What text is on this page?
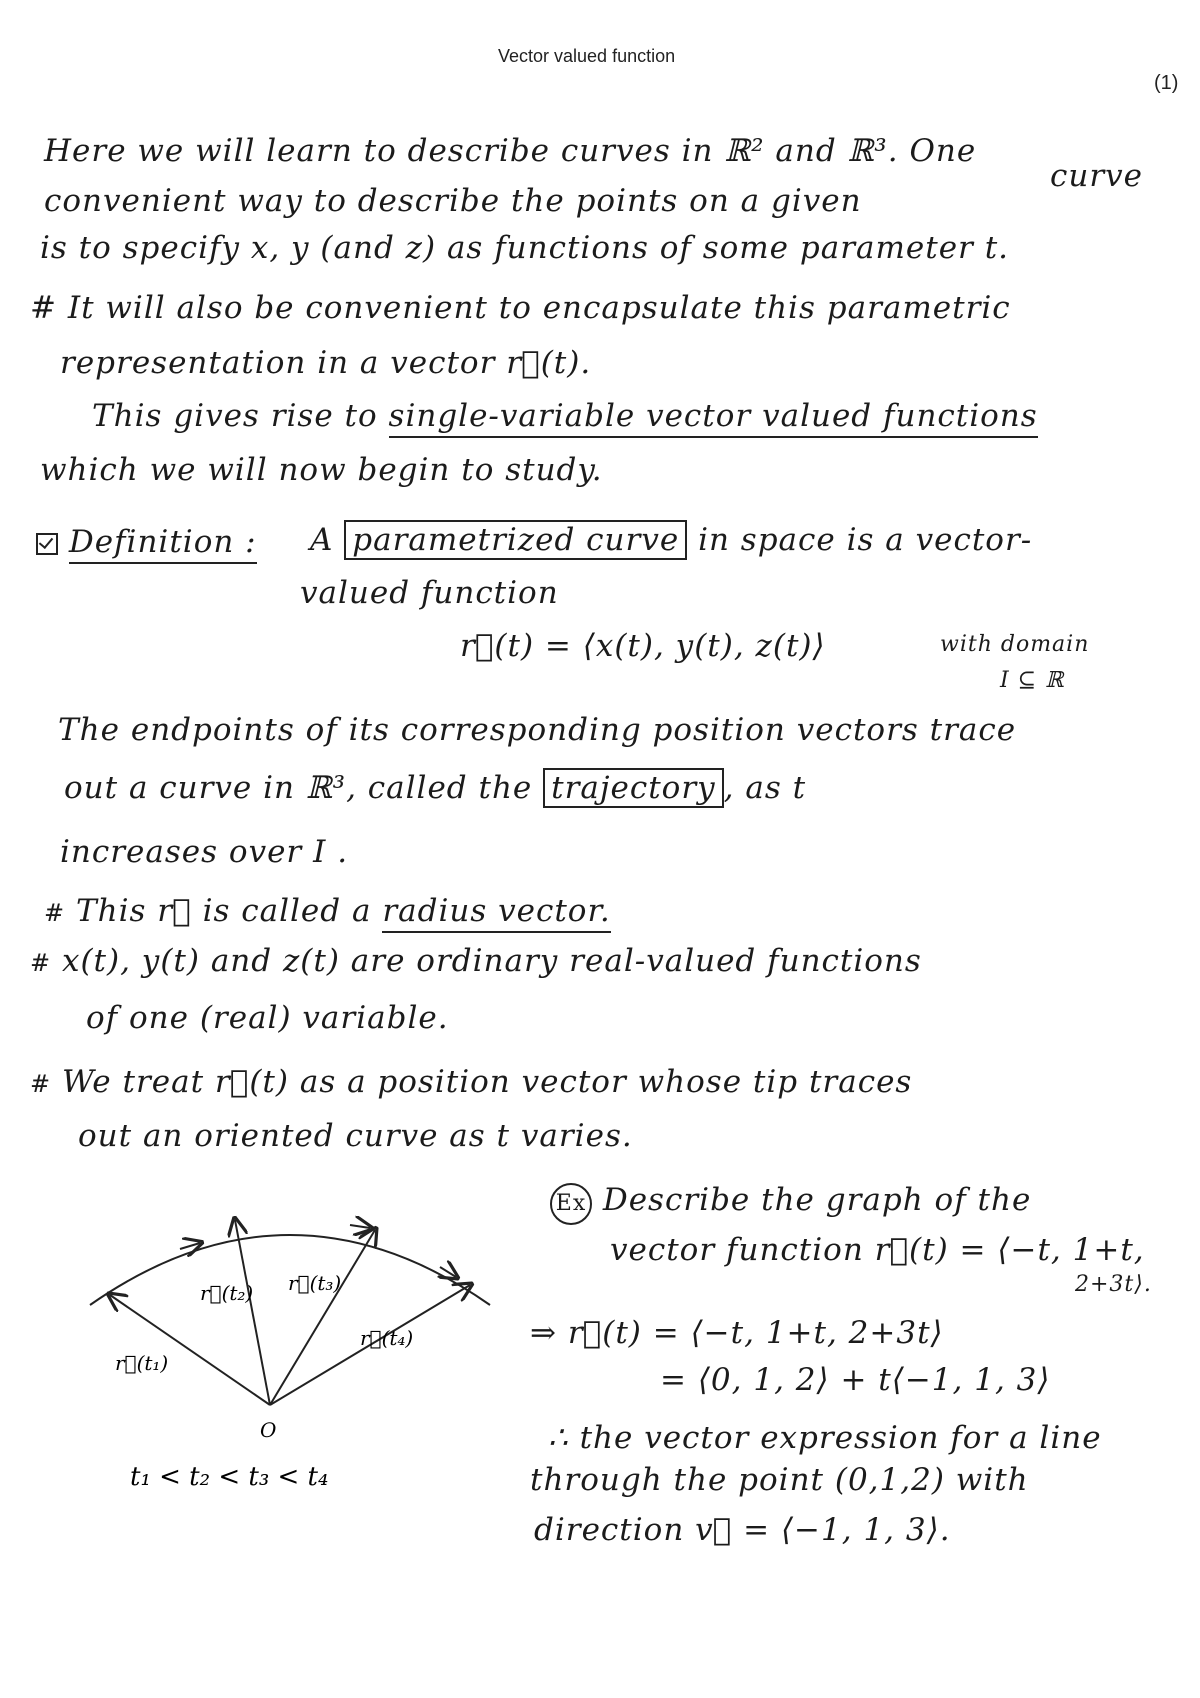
Vector valued function
(1)
Here we will learn to describe curves in ℝ² and ℝ³. One
curve
convenient way to describe the points on a given
is to specify x, y (and z) as functions of some parameter t.
# It will also be convenient to encapsulate this parametric
representation in a vector r⃗(t).
This gives rise to single-variable vector valued functions
which we will now begin to study.
Definition : A parametrized curve in space is a vector-
valued function
r⃗(t) = ⟨x(t), y(t), z(t)⟩	with domain
I ⊆ ℝ
The endpoints of its corresponding position vectors trace
out a curve in ℝ³, called the trajectory , as t
increases over I .
# This r⃗ is called a radius vector.
# x(t), y(t) and z(t) are ordinary real-valued functions
of one (real) variable.
# We treat r⃗(t) as a position vector whose tip traces
out an oriented curve as t varies.
r⃗(t₁)
r⃗(t₂) r⃗(t₃)
r⃗(t₄)
O
t₁ < t₂ < t₃ < t₄
Ex Describe the graph of the
vector function r⃗(t) = ⟨−t, 1+t,
2+3t⟩.
⇒ r⃗(t) = ⟨−t, 1+t, 2+3t⟩
= ⟨0, 1, 2⟩ + t⟨−1, 1, 3⟩
∴ the vector expression for a line
through the point (0,1,2) with
direction v⃗ = ⟨−1, 1, 3⟩.
